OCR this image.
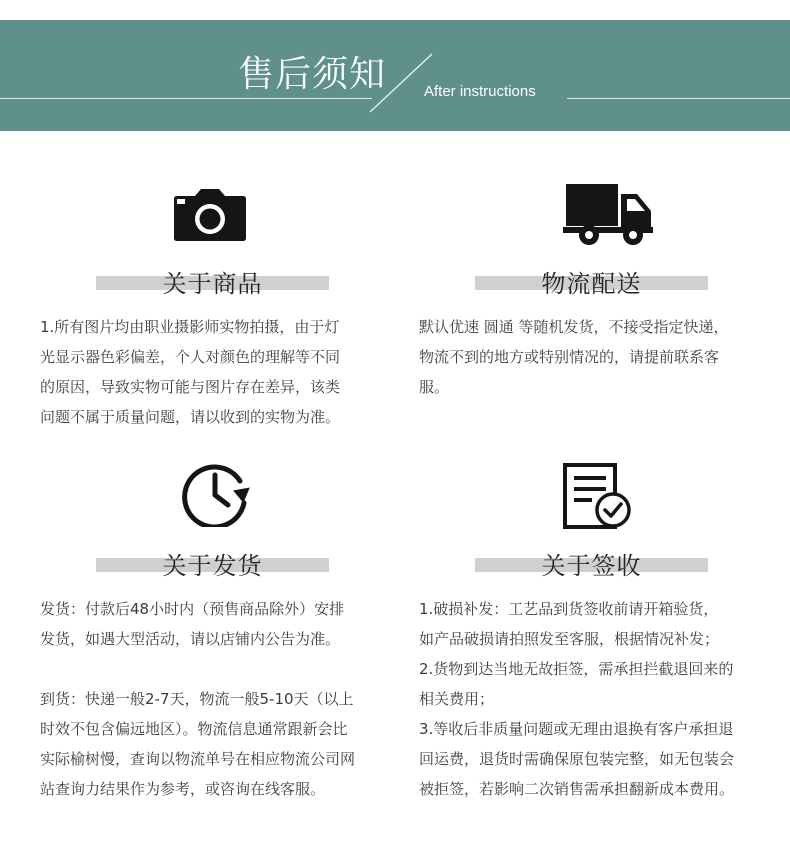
售后须知	After instructions
关于商品

1.所有图片均由职业摄影师实物拍摄，由于灯

光显示器色彩偏差，个人对颜色的理解等不同

的原因，导致实物可能与图片存在差异，该类

问题不属于质量问题，请以收到的实物为准。

物流配送

默认优速 圆通 等随机发货，不接受指定快递，

物流不到的地方或特别情况的，请提前联系客

服。

关于发货

发货：付款后48小时内（预售商品除外）安排

发货，如遇大型活动，请以店铺内公告为准。

到货：快递一般2-7天，物流一般5-10天（以上

时效不包含偏远地区）。物流信息通常跟新会比

实际榆树慢，查询以物流单号在相应物流公司网

站查询力结果作为参考，或咨询在线客服。

关于签收

1.破损补发：工艺品到货签收前请开箱验货，

如产品破损请拍照发至客服，根据情况补发；

2.货物到达当地无故拒签，需承担拦截退回来的

相关费用；

3.等收后非质量问题或无理由退换有客户承担退

回运费，退货时需确保原包装完整，如无包装会

被拒签，若影响二次销售需承担翻新成本费用。
